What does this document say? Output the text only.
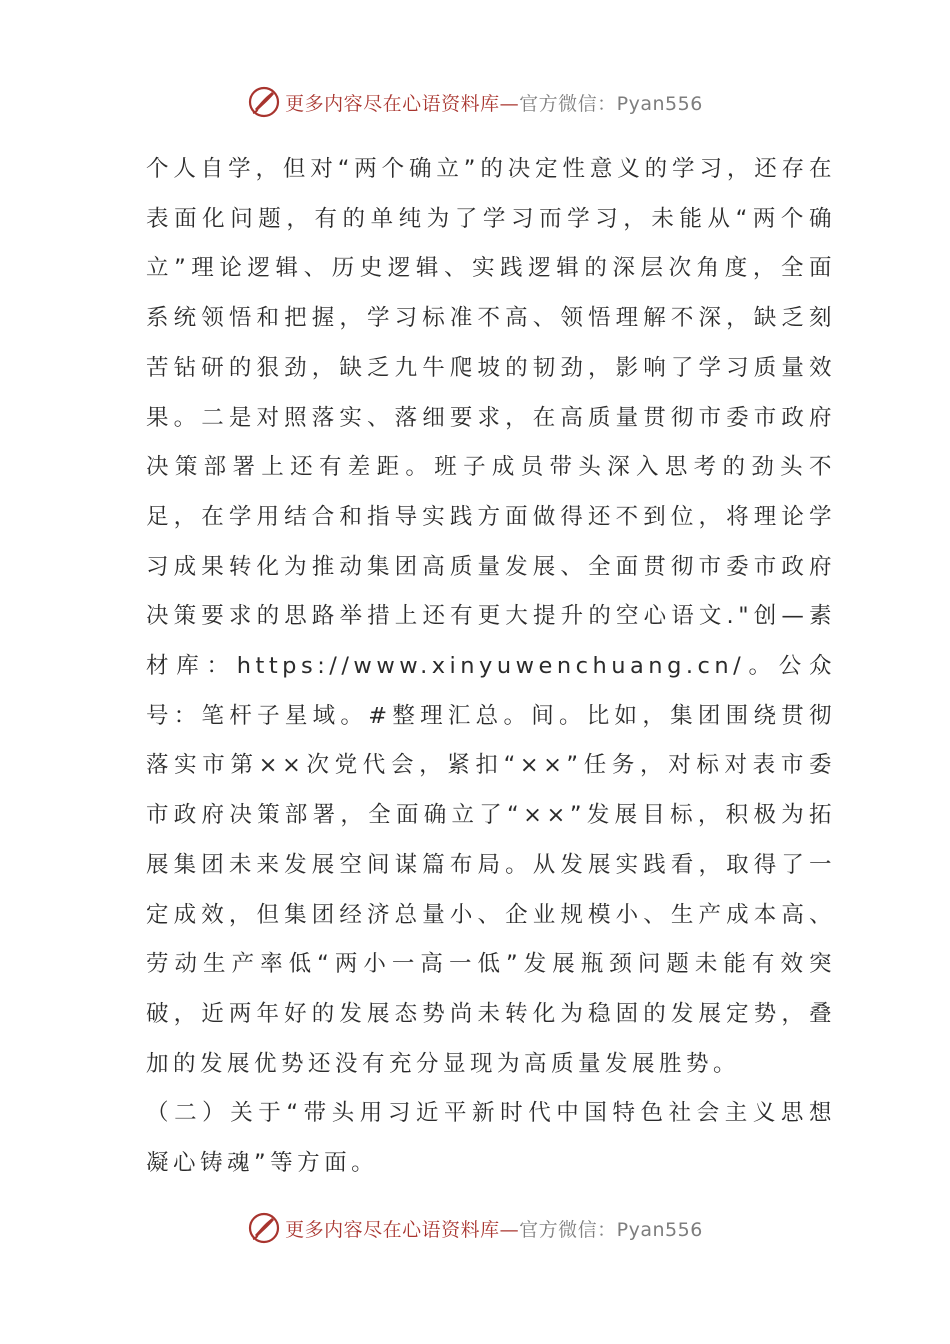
更多内容尽在心语资料库—官方微信：Pyan556

个人自学，但对“两个确立”的决定性意义的学习，还存在表面化问题，有的单纯为了学习而学习，未能从“两个确立”理论逻辑、历史逻辑、实践逻辑的深层次角度，全面系统领悟和把握，学习标准不高、领悟理解不深，缺乏刻苦钻研的狠劲，缺乏九牛爬坡的韧劲，影响了学习质量效果。二是对照落实、落细要求，在高质量贯彻市委市政府决策部署上还有差距。班子成员带头深入思考的劲头不足，在学用结合和指导实践方面做得还不到位，将理论学习成果转化为推动集团高质量发展、全面贯彻市委市政府决策要求的思路举措上还有更大提升的空心语文."创—素材库：https://www.xinyuwenchuang.cn/。公众号：笔杆子星域。#整理汇总。间。比如，集团围绕贯彻落实市第××次党代会，紧扣“××”任务，对标对表市委市政府决策部署，全面确立了“××”发展目标，积极为拓展集团未来发展空间谋篇布局。从发展实践看，取得了一定成效，但集团经济总量小、企业规模小、生产成本高、劳动生产率低“两小一高一低”发展瓶颈问题未能有效突破，近两年好的发展态势尚未转化为稳固的发展定势，叠加的发展优势还没有充分显现为高质量发展胜势。

（二）关于“带头用习近平新时代中国特色社会主义思想凝心铸魂”等方面。

更多内容尽在心语资料库—官方微信：Pyan556
